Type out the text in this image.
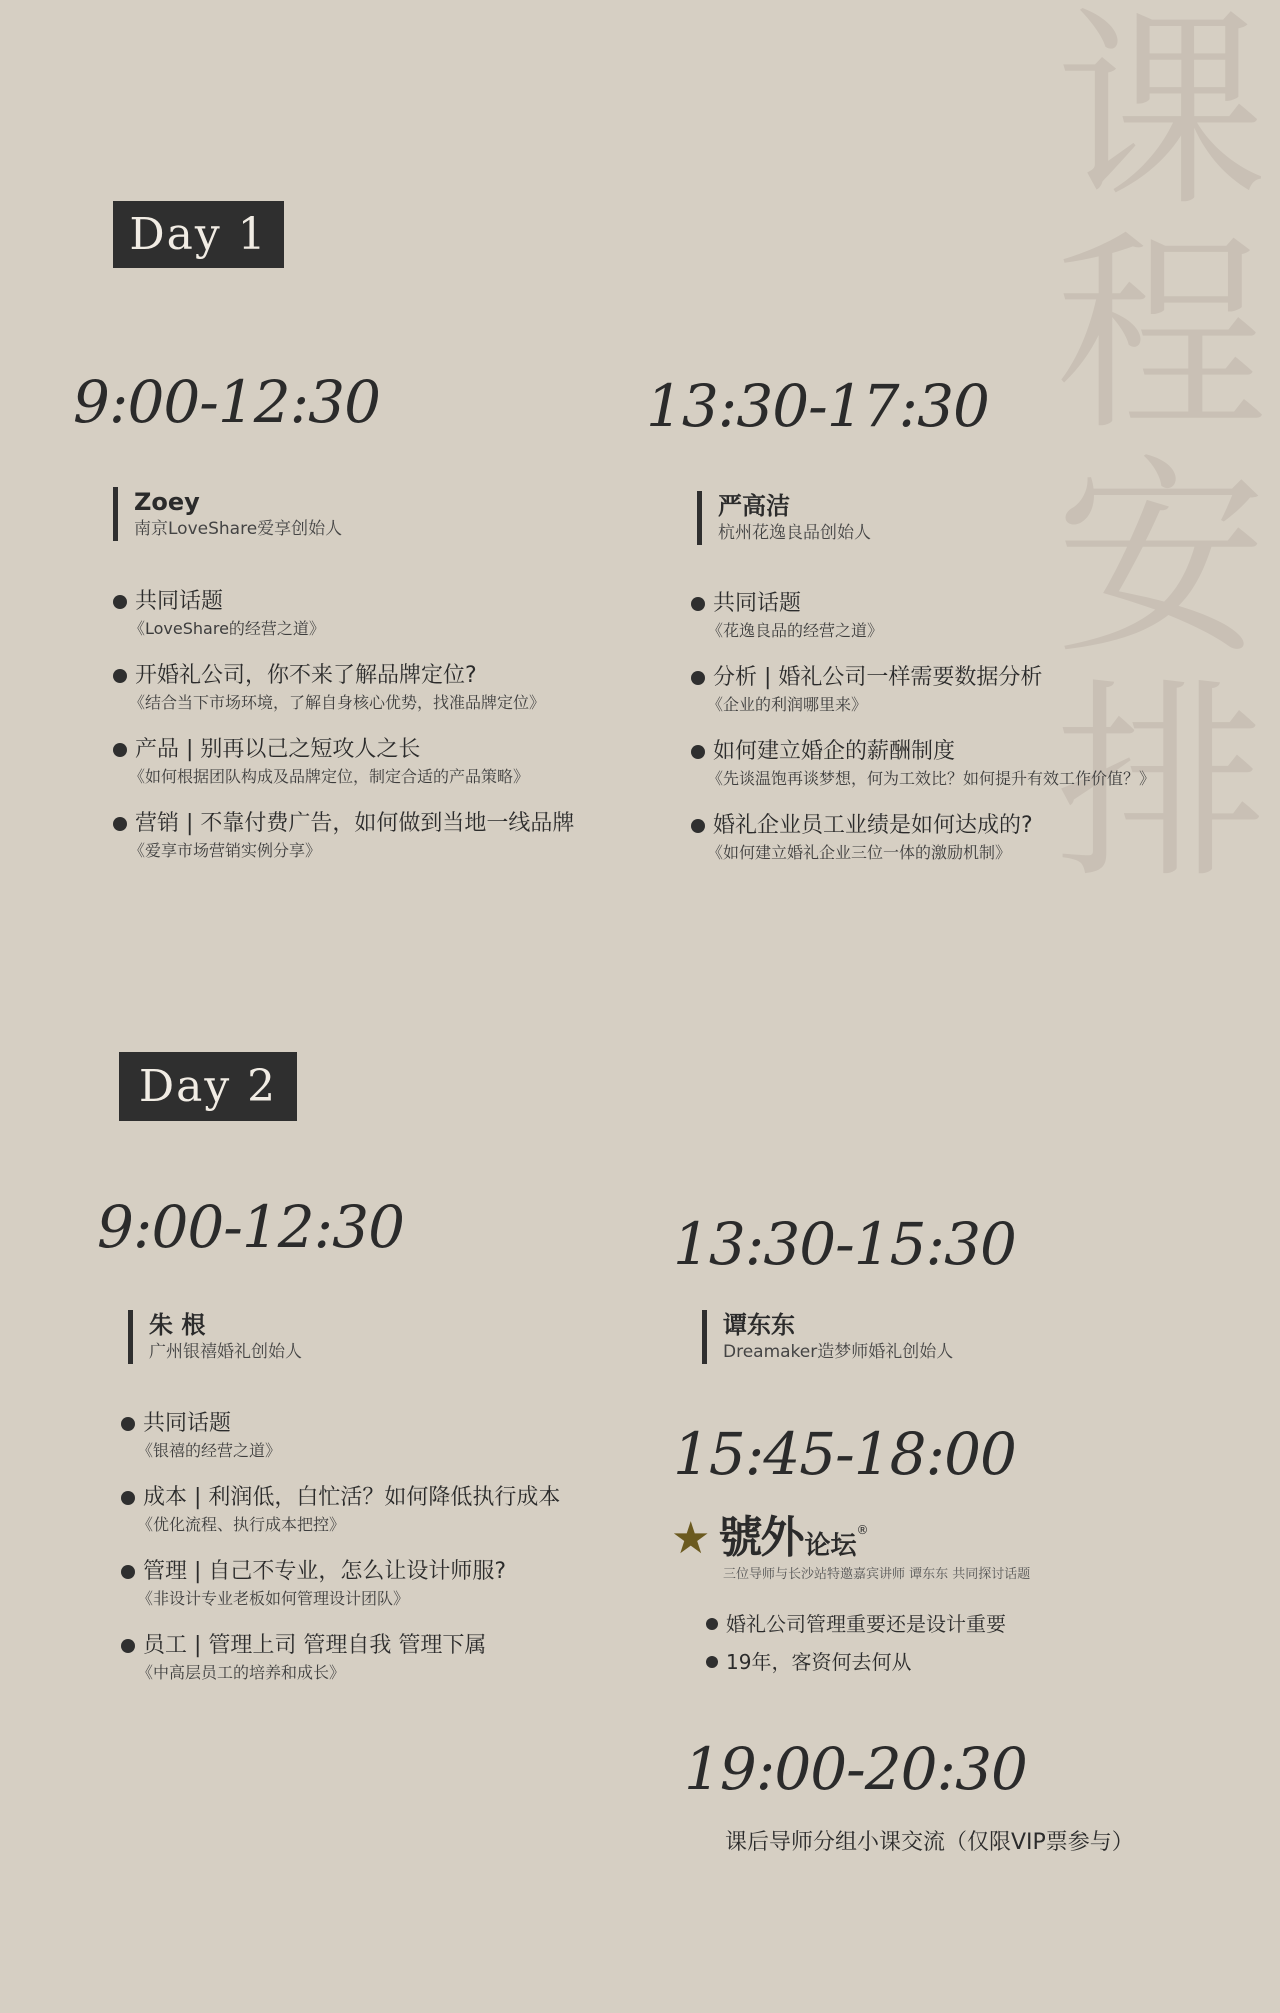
课程安排
Day 1
9:00-12:30
Zoey
南京LoveShare爱享创始人
共同话题
《LoveShare的经营之道》
开婚礼公司，你不来了解品牌定位?
《结合当下市场环境，了解自身核心优势，找准品牌定位》
产品 | 别再以己之短攻人之长
《如何根据团队构成及品牌定位，制定合适的产品策略》
营销 | 不靠付费广告，如何做到当地一线品牌
《爱享市场营销实例分享》
13:30-17:30
严高洁
杭州花逸良品创始人
共同话题
《花逸良品的经营之道》
分析 | 婚礼公司一样需要数据分析
《企业的利润哪里来》
如何建立婚企的薪酬制度
《先谈温饱再谈梦想，何为工效比？如何提升有效工作价值？》
婚礼企业员工业绩是如何达成的?
《如何建立婚礼企业三位一体的激励机制》
Day 2
9:00-12:30
朱 根
广州银禧婚礼创始人
共同话题
《银禧的经营之道》
成本 | 利润低，白忙活？如何降低执行成本
《优化流程、执行成本把控》
管理 | 自己不专业，怎么让设计师服?
《非设计专业老板如何管理设计团队》
员工 | 管理上司 管理自我 管理下属
《中高层员工的培养和成长》
13:30-15:30
谭东东
Dreamaker造梦师婚礼创始人
15:45-18:00
★ 號外 论坛
®
三位导师与长沙站特邀嘉宾讲师 谭东东 共同探讨话题
婚礼公司管理重要还是设计重要
19年，客资何去何从
19:00-20:30
课后导师分组小课交流（仅限VIP票参与）
